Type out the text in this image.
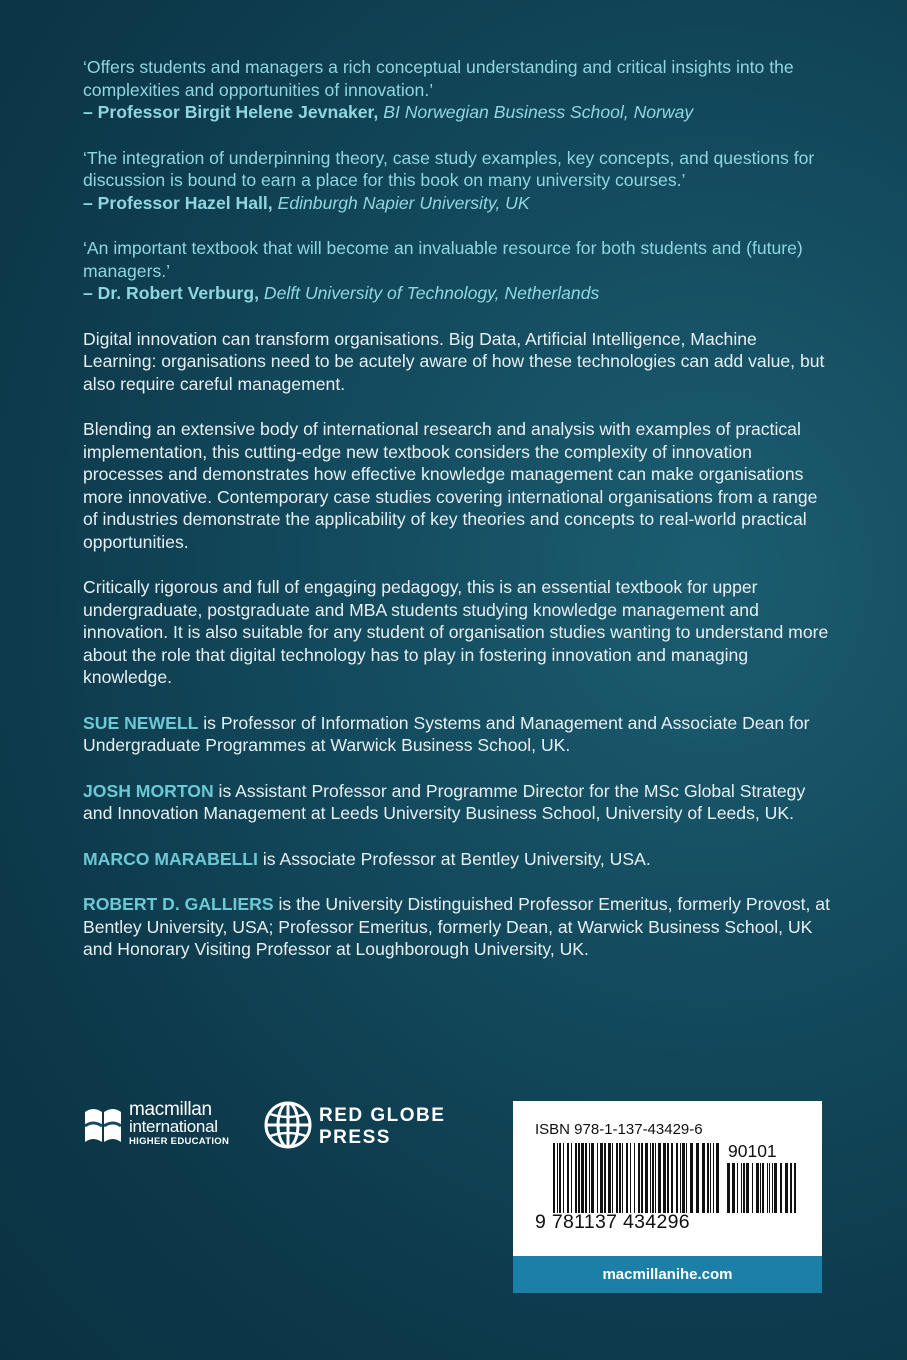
‘Offers students and managers a rich conceptual understanding and critical insights into the complexities and opportunities of innovation.’
– Professor Birgit Helene Jevnaker, BI Norwegian Business School, Norway
‘The integration of underpinning theory, case study examples, key concepts, and questions for discussion is bound to earn a place for this book on many university courses.’
– Professor Hazel Hall, Edinburgh Napier University, UK
‘An important textbook that will become an invaluable resource for both students and (future) managers.’
– Dr. Robert Verburg, Delft University of Technology, Netherlands

Digital innovation can transform organisations. Big Data, Artificial Intelligence, Machine Learning: organisations need to be acutely aware of how these technologies can add value, but also require careful management.

Blending an extensive body of international research and analysis with examples of practical implementation, this cutting-edge new textbook considers the complexity of innovation processes and demonstrates how effective knowledge management can make organisations more innovative. Contemporary case studies covering international organisations from a range of industries demonstrate the applicability of key theories and concepts to real-world practical opportunities.

Critically rigorous and full of engaging pedagogy, this is an essential textbook for upper undergraduate, postgraduate and MBA students studying knowledge management and innovation. It is also suitable for any student of organisation studies wanting to understand more about the role that digital technology has to play in fostering innovation and managing knowledge.

SUE NEWELL is Professor of Information Systems and Management and Associate Dean for Undergraduate Programmes at Warwick Business School, UK.

JOSH MORTON is Assistant Professor and Programme Director for the MSc Global Strategy and Innovation Management at Leeds University Business School, University of Leeds, UK.

MARCO MARABELLI is Associate Professor at Bentley University, USA.

ROBERT D. GALLIERS is the University Distinguished Professor Emeritus, formerly Provost, at Bentley University, USA; Professor Emeritus, formerly Dean, at Warwick Business School, UK and Honorary Visiting Professor at Loughborough University, UK.

macmillan
international
HIGHER EDUCATION
RED GLOBE
PRESS	ISBN 978-1-137-43429-6
9 781137 434296
90101
macmillanihe.com
